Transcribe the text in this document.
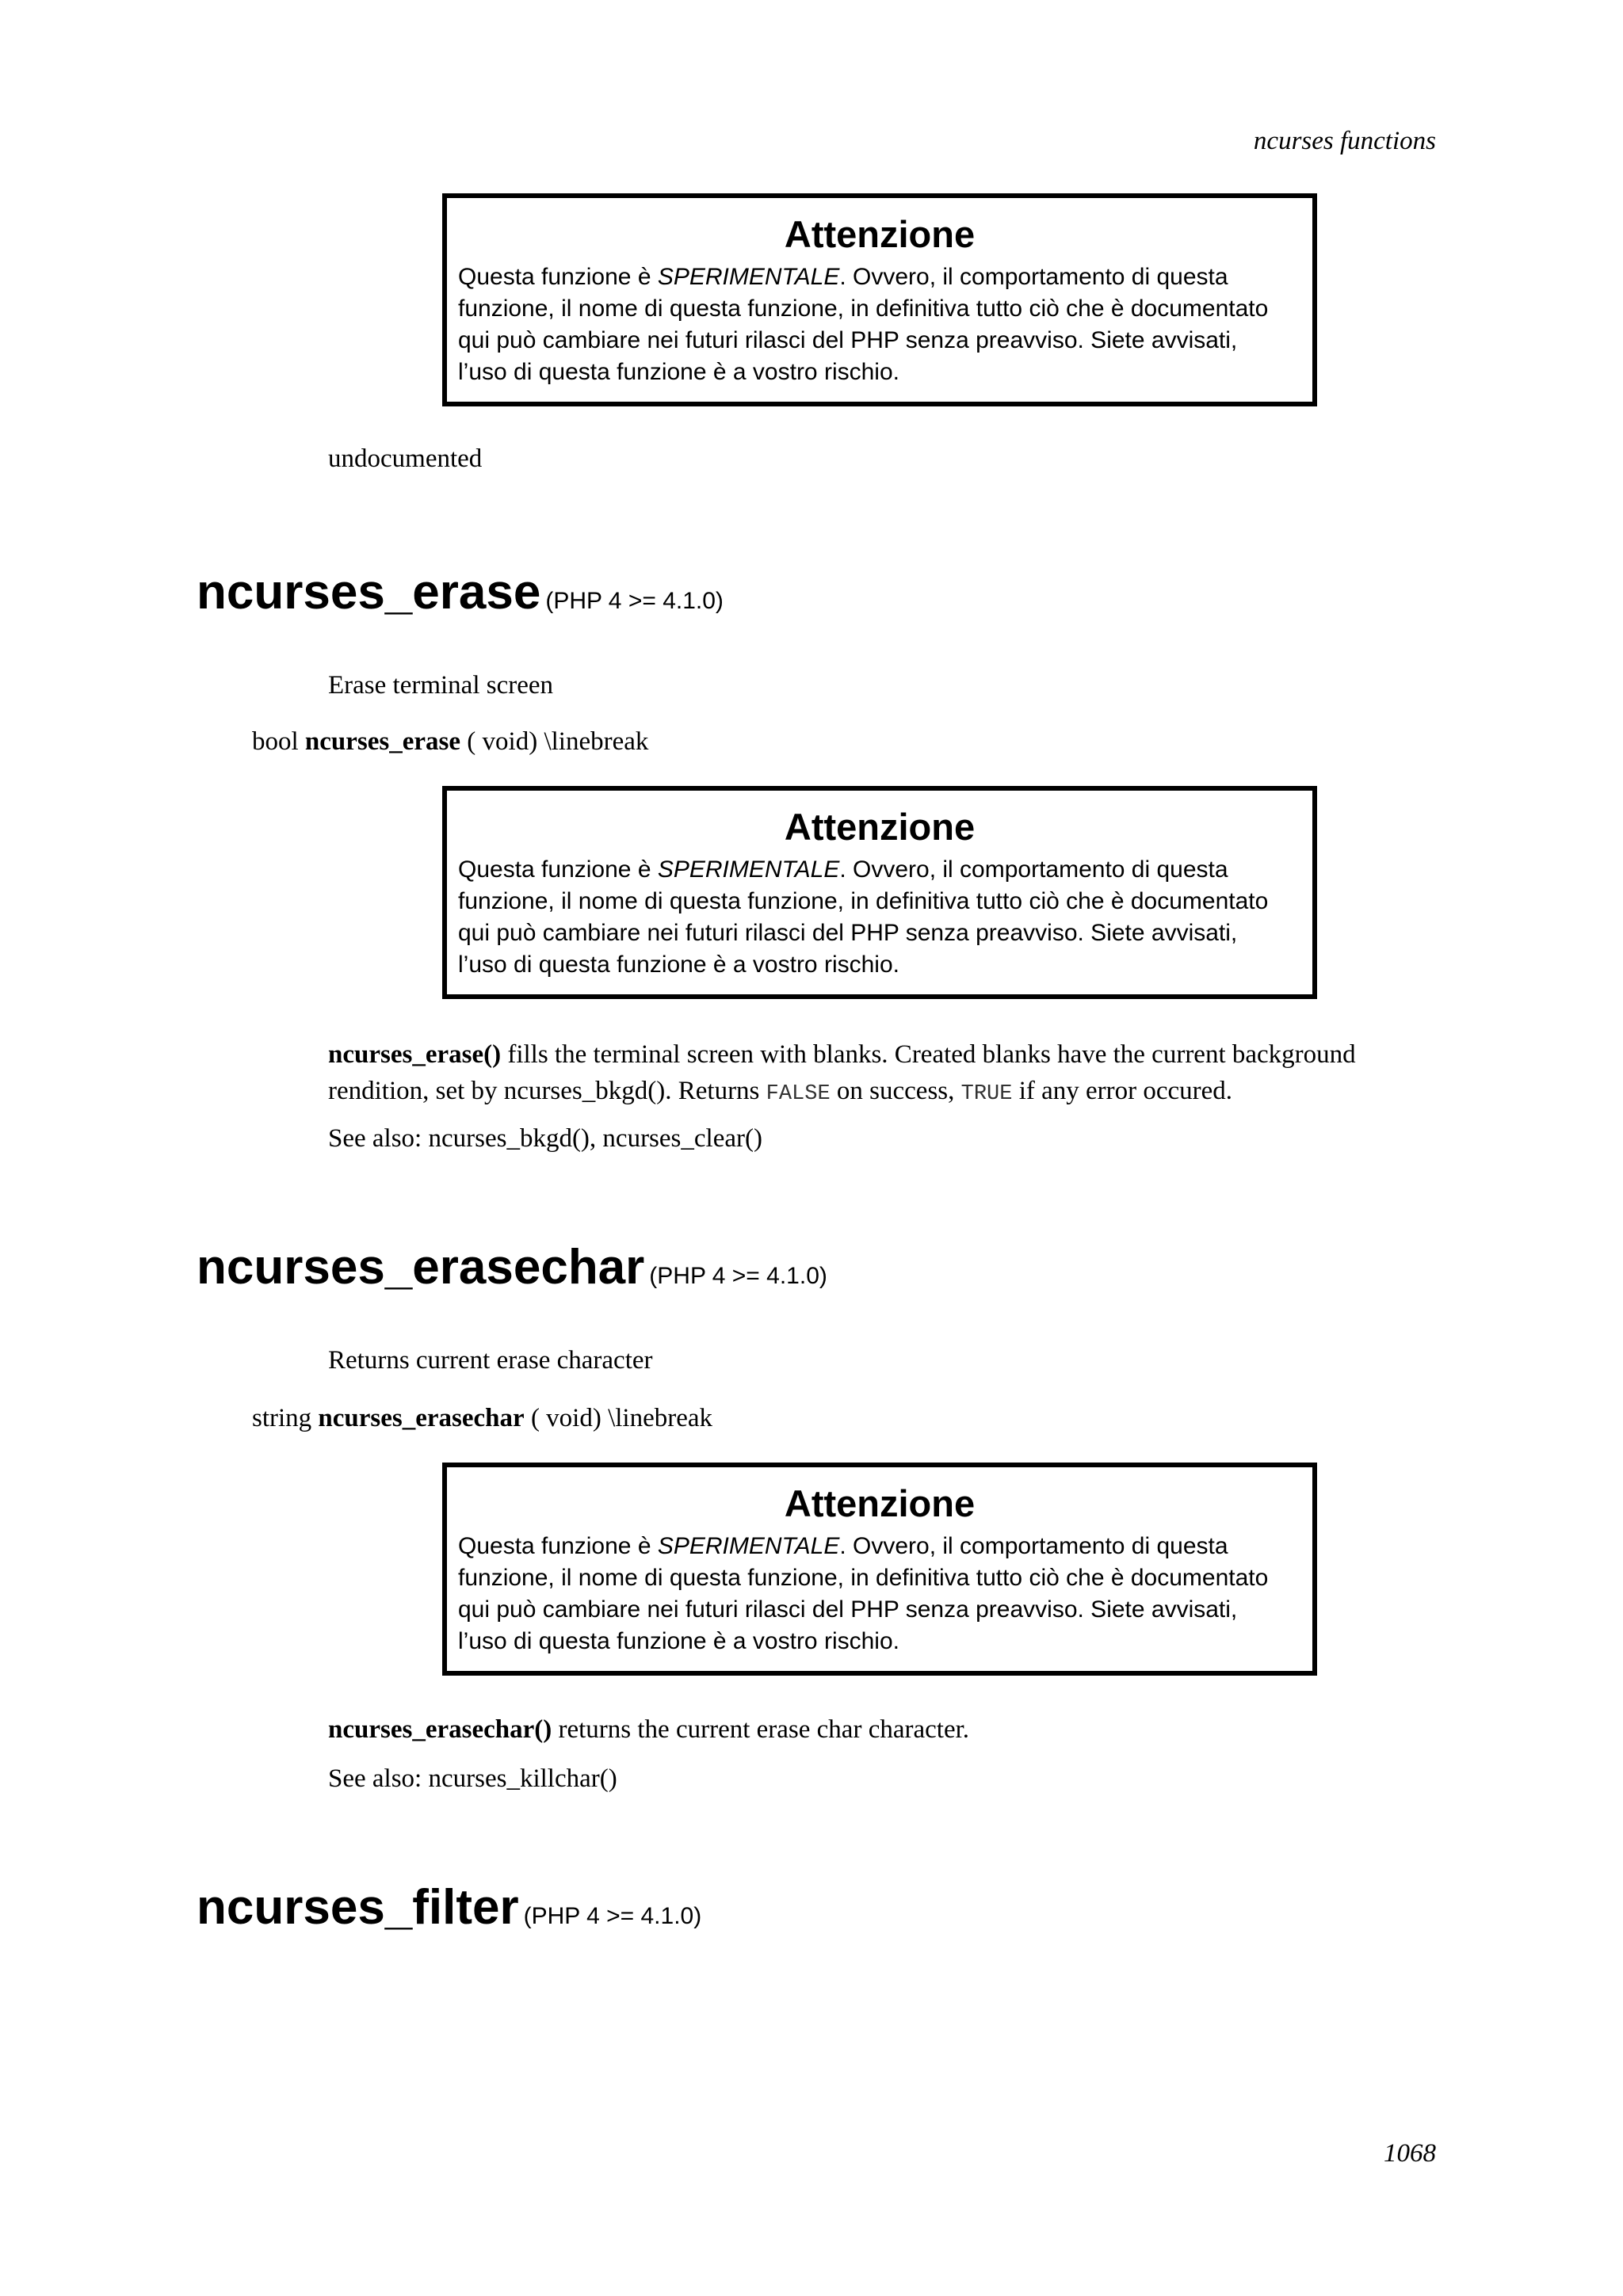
ncurses functions
Attenzione
Questa funzione è SPERIMENTALE. Ovvero, il comportamento di questa
funzione, il nome di questa funzione, in definitiva tutto ciò che è documentato
qui può cambiare nei futuri rilasci del PHP senza preavviso. Siete avvisati,
l’uso di questa funzione è a vostro rischio.
undocumented
ncurses_erase (PHP 4 >= 4.1.0)
Erase terminal screen
bool ncurses_erase ( void) \linebreak
Attenzione
Questa funzione è SPERIMENTALE. Ovvero, il comportamento di questa
funzione, il nome di questa funzione, in definitiva tutto ciò che è documentato
qui può cambiare nei futuri rilasci del PHP senza preavviso. Siete avvisati,
l’uso di questa funzione è a vostro rischio.
ncurses_erase() fills the terminal screen with blanks. Created blanks have the current background
rendition, set by ncurses_bkgd(). Returns FALSE on success, TRUE if any error occured.
See also: ncurses_bkgd(), ncurses_clear()
ncurses_erasechar (PHP 4 >= 4.1.0)
Returns current erase character
string ncurses_erasechar ( void) \linebreak
Attenzione
Questa funzione è SPERIMENTALE. Ovvero, il comportamento di questa
funzione, il nome di questa funzione, in definitiva tutto ciò che è documentato
qui può cambiare nei futuri rilasci del PHP senza preavviso. Siete avvisati,
l’uso di questa funzione è a vostro rischio.
ncurses_erasechar() returns the current erase char character.
See also: ncurses_killchar()
ncurses_filter (PHP 4 >= 4.1.0)
1068
